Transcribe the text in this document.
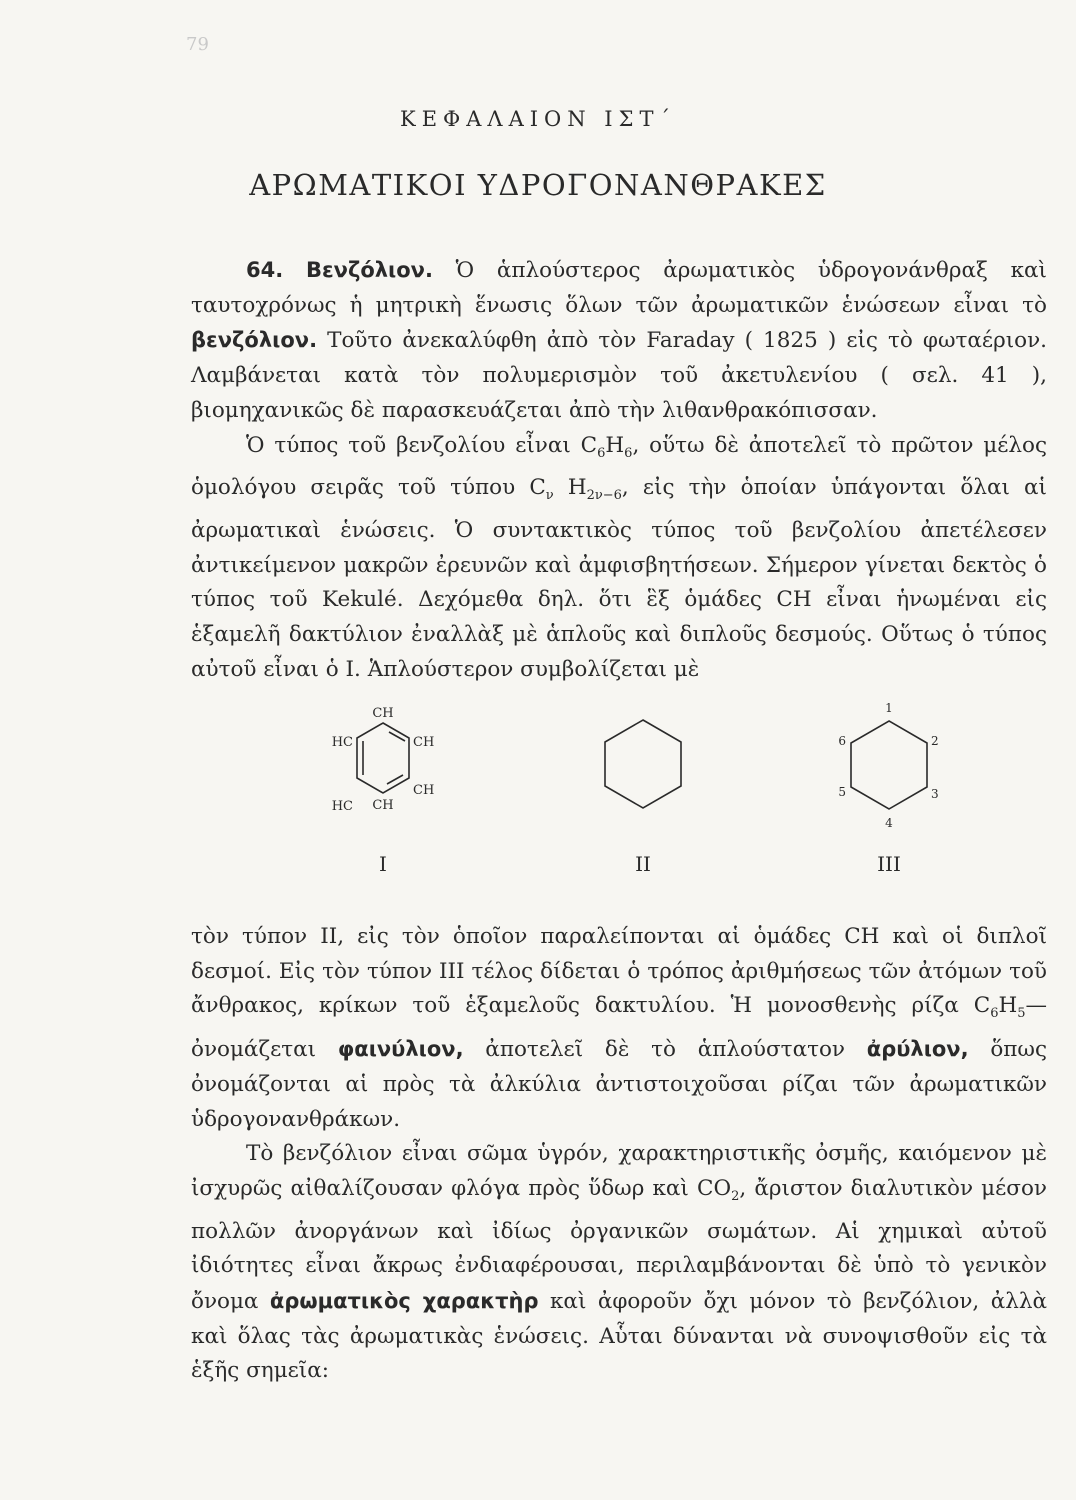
79
ΚΕΦΑΛΑΙΟΝ ΙΣΤ΄
ΑΡΩΜΑΤΙΚΟΙ ΥΔΡΟΓΟΝΑΝΘΡΑΚΕΣ

64. Βενζόλιον. Ὁ ἁπλούστερος ἀρωματικὸς ὑδρογονάνθραξ καὶ ταυτοχρόνως ἡ μητρικὴ ἕνωσις ὅλων τῶν ἀρωματικῶν ἑνώσεων εἶναι τὸ βενζόλιον. Τοῦτο ἀνεκαλύφθη ἀπὸ τὸν Faraday ( 1825 ) εἰς τὸ φωταέριον. Λαμβάνεται κατὰ τὸν πολυμερισμὸν τοῦ ἀκετυλενίου ( σελ. 41 ), βιομηχανικῶς δὲ παρασκευάζεται ἀπὸ τὴν λιθανθρακόπισσαν.

Ὁ τύπος τοῦ βενζολίου εἶναι $C_6H_6$, οὕτω δὲ ἀποτελεῖ τὸ πρῶτον μέλος ὁμολόγου σειρᾶς τοῦ τύπου $C_\nu$ $H_{2\nu-6}$, εἰς τὴν ὁποίαν ὑπάγονται ὅλαι αἱ ἀρωματικαὶ ἑνώσεις. Ὁ συντακτικὸς τύπος τοῦ βενζολίου ἀπετέλεσεν ἀντικείμενον μακρῶν ἐρευνῶν καὶ ἀμφισβητήσεων. Σήμερον γίνεται δεκτὸς ὁ τύπος τοῦ Kekulé. Δεχόμεθα δηλ. ὅτι ἓξ ὁμάδες CH εἶναι ἡνωμέναι εἰς ἑξαμελῆ δακτύλιον ἐναλλὰξ μὲ ἁπλοῦς καὶ διπλοῦς δεσμούς. Οὕτως ὁ τύπος αὐτοῦ εἶναι ὁ I. Ἁπλούστερον συμβολίζεται μὲ

CH
CH
CH
CH
HC
HC
I	II
1
2
3
4
5
6
III

τὸν τύπον II, εἰς τὸν ὁποῖον παραλείπονται αἱ ὁμάδες CH καὶ οἱ διπλοῖ δεσμοί. Εἰς τὸν τύπον III τέλος δίδεται ὁ τρόπος ἀριθμήσεως τῶν ἀτόμων τοῦ ἄνθρακος, κρίκων τοῦ ἑξαμελοῦς δακτυλίου. Ἡ μονοσθενὴς ρίζα $C_6H_5—$ ὀνομάζεται φαινύλιον, ἀποτελεῖ δὲ τὸ ἁπλούστατον ἀρύλιον, ὅπως ὀνομάζονται αἱ πρὸς τὰ ἀλκύλια ἀντιστοιχοῦσαι ρίζαι τῶν ἀρωματικῶν ὑδρογονανθράκων.

Τὸ βενζόλιον εἶναι σῶμα ὑγρόν, χαρακτηριστικῆς ὀσμῆς, καιόμενον μὲ ἰσχυρῶς αἰθαλίζουσαν φλόγα πρὸς ὕδωρ καὶ $CO_2$, ἄριστον διαλυτικὸν μέσον πολλῶν ἀνοργάνων καὶ ἰδίως ὀργανικῶν σωμάτων. Αἱ χημικαὶ αὐτοῦ ἰδιότητες εἶναι ἄκρως ἐνδιαφέρουσαι, περιλαμβάνονται δὲ ὑπὸ τὸ γενικὸν ὄνομα ἀρωματικὸς χαρακτὴρ καὶ ἀφοροῦν ὄχι μόνον τὸ βενζόλιον, ἀλλὰ καὶ ὅλας τὰς ἀρωματικὰς ἑνώσεις. Αὗται δύνανται νὰ συνοψισθοῦν εἰς τὰ ἑξῆς σημεῖα:
